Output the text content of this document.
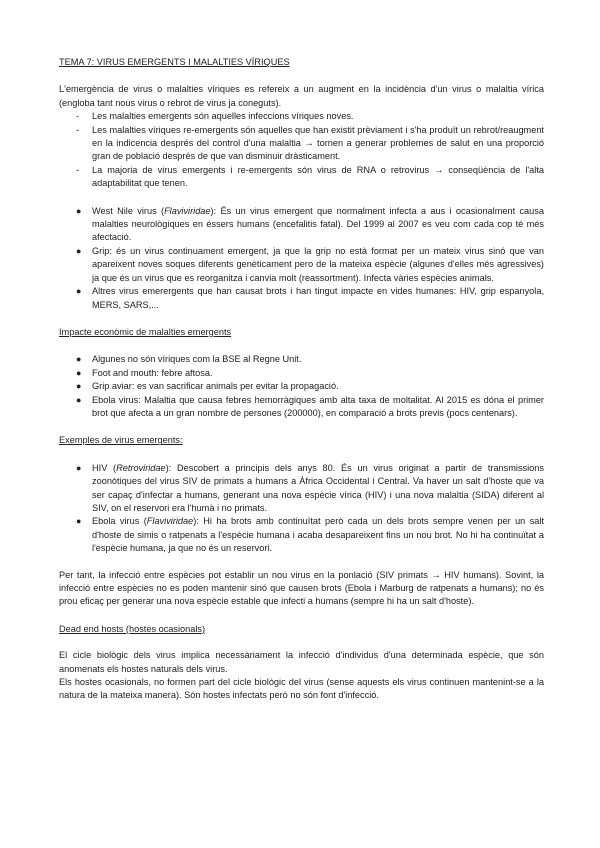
TEMA 7: VIRUS EMERGENTS I MALALTIES VÍRIQUES

L'emergència de virus o malalties víriques es refereix a un augment en la incidència d'un virus o malaltia vírica (engloba tant nous virus o rebrot de virus ja coneguts).

- Les malalties emergents són aquelles infeccions víriques noves.
- Les malalties víriques re-emergents són aquelles que han existit prèviament i s'ha produït un rebrot/reaugment en la indicencia després del control d'una malaltia → tornen a generar problemes de salut en una proporció gran de població després de que van disminuir dràsticament.
- La majoria de virus emergents i re-emergents són virus de RNA o retrovirus → conseqüència de l'alta adaptabilitat que tenen.
● West Nile virus (Flaviviridae): És un virus emergent que normalment infecta a aus i ocasionalment causa malalties neurològiques en éssers humans (encefalitis fatal). Del 1999 al 2007 es veu com cada cop té més afectació.
● Grip: és un virus continuament emergent, ja que la grip no està format per un mateix virus sinó que van apareixent noves soques diferents genèticament pero de la mateixa espècie (algunes d'elles més agressives) ja que és un virus que es reorganitza i canvia molt (reassortment). Infecta vàries espècies animals.
● Altres virus emerergents que han causat brots i han tingut impacte en vides humanes: HIV, grip espanyola, MERS, SARS,...

Impacte econòmic de malalties emergents

● Algunes no són víriques com la BSE al Regne Unit.
● Foot and mouth: febre aftosa.
● Grip aviar: es van sacrificar animals per evitar la propagació.
● Ebola virus: Malaltia que causa febres hemorràgiques amb alta taxa de moltalitat. Al 2015 es dóna el primer brot que afecta a un gran nombre de persones (200000), en comparació a brots previs (pocs centenars).

Exemples de virus emergents:

● HIV (Retroviridae): Descobert a principis dels anys 80. És un virus originat a partir de transmissions zoonòtiques del virus SIV de primats a humans a Àfrica Occidental i Central. Va haver un salt d'hoste que va ser capaç d'infectar a humans, generant una nova espècie vírica (HIV) i una nova malaltia (SIDA) diferent al SIV, on el reservori era l'humà i no primats.
● Ebola virus (Flaviviridae): Hi ha brots amb continuïtat però cada un dels brots sempre venen per un salt d'hoste de simis o ratpenats a l'espècie humana i acaba desapareixent fins un nou brot. No hi ha continuïtat a l'espècie humana, ja que no és un reservori.

Per tant, la infecció entre espècies pot establir un nou virus en la ponlació (SIV primats → HIV humans). Sovint, la infecció entre espècies no es poden mantenir sinó que causen brots (Ebola i Marburg de ratpenats a humans); no és prou eficaç per generar una nova espècie estable que infecti a humans (sempre hi ha un salt d'hoste).

Dead end hosts (hostes ocasionals)

El cicle biològic dels virus implica necessàriament la infecció d'individus d'una determinada espècie, que són anomenats els hostes naturals dels virus.

Els hostes ocasionals, no formen part del cicle biològic del virus (sense aquests els virus continuen mantenint-se a la natura de la mateixa manera). Són hostes infectats però no són font d'infecció.
